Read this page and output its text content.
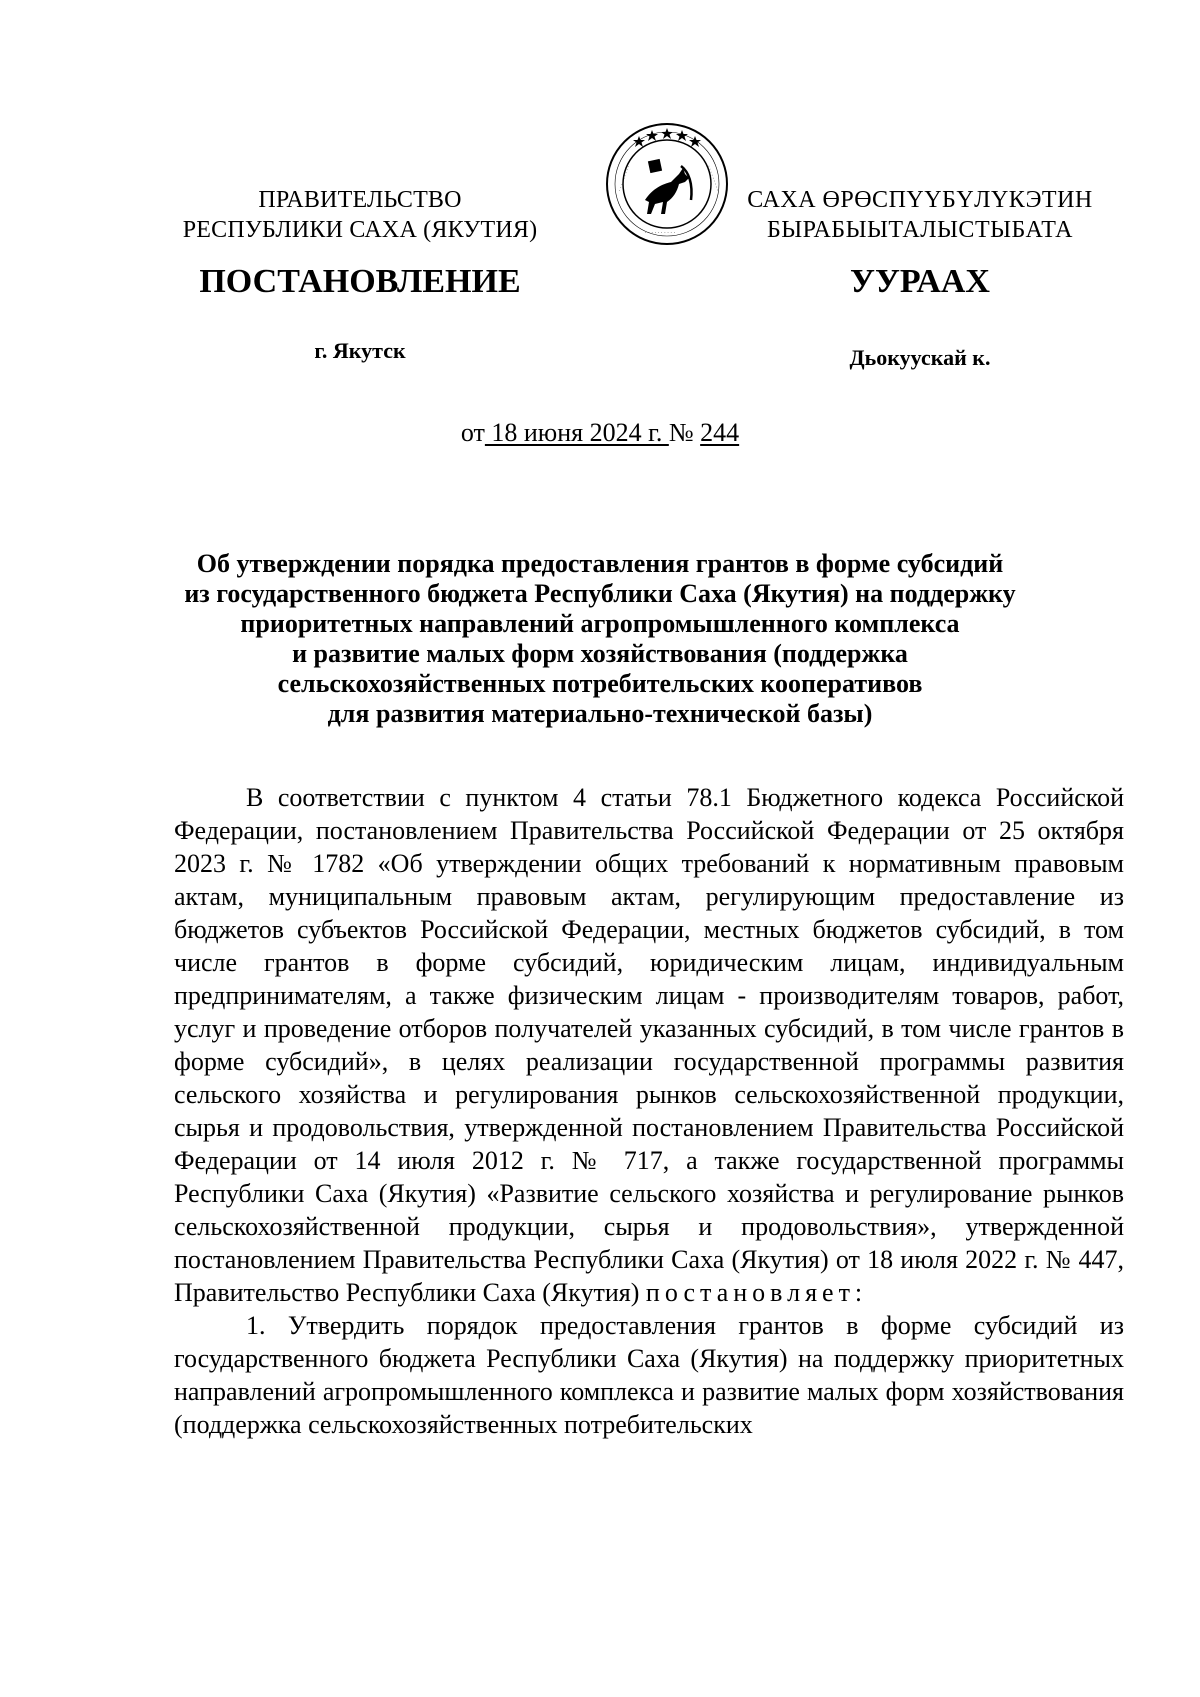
ПРАВИТЕЛЬСТВО
РЕСПУБЛИКИ САХА (ЯКУТИЯ)
· · · · · · · · ·	· · · · · · · · ·
· · · · · · · · · ·
САХА ӨРӨСПҮҮБҮЛҮКЭТИН
БЫРАБЫЫТАЛЫСТЫБАТА
ПОСТАНОВЛЕНИЕ	УУРААХ
г. Якутск	Дьокуускай к.
от 18 июня 2024 г. № 244
Об утверждении порядка предоставления грантов в форме субсидий
из государственного бюджета Республики Саха (Якутия) на поддержку
приоритетных направлений агропромышленного комплекса
и развитие малых форм хозяйствования (поддержка
сельскохозяйственных потребительских кооперативов
для развития материально-технической базы)

В соответствии с пунктом 4 статьи 78.1 Бюджетного кодекса Российской Федерации, постановлением Правительства Российской Федерации от 25 октября 2023 г. № 1782 «Об утверждении общих требований к нормативным правовым актам, муниципальным правовым актам, регулирующим предоставление из бюджетов субъектов Российской Федерации, местных бюджетов субсидий, в том числе грантов в форме субсидий, юридическим лицам, индивидуальным предпринимателям, а также физическим лицам - производителям товаров, работ, услуг и проведение отборов получателей указанных субсидий, в том числе грантов в форме субсидий», в целях реализации государственной программы развития сельского хозяйства и регулирования рынков сельскохозяйственной продукции, сырья и продовольствия, утвержденной постановлением Правительства Российской Федерации от 14 июля 2012 г. № 717, а также государственной программы Республики Саха (Якутия) «Развитие сельского хозяйства и регулирование рынков сельскохозяйственной продукции, сырья и продовольствия», утвержденной постановлением Правительства Республики Саха (Якутия) от 18 июля 2022 г. № 447, Правительство Республики Саха (Якутия) постановляет:

1. Утвердить порядок предоставления грантов в форме субсидий из государственного бюджета Республики Саха (Якутия) на поддержку приоритетных направлений агропромышленного комплекса и развитие малых форм хозяйствования (поддержка сельскохозяйственных потребительских
